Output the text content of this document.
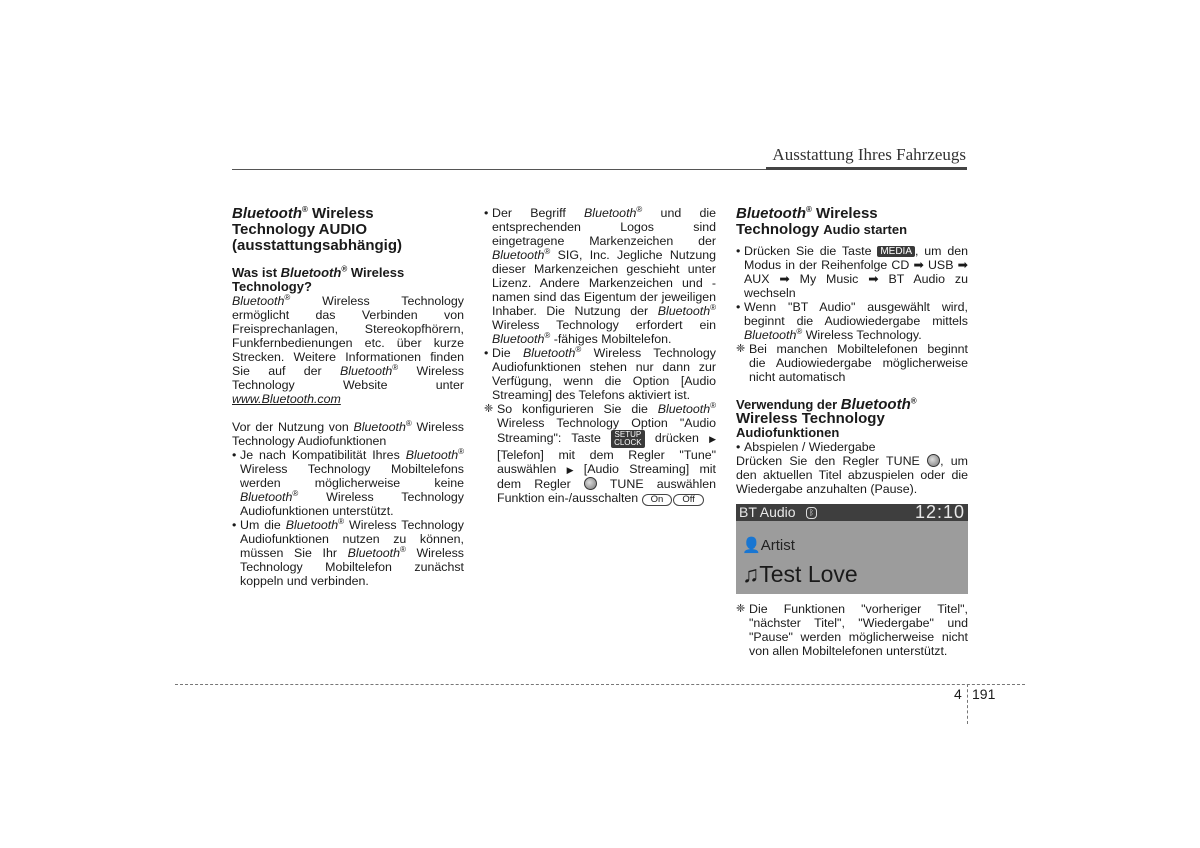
Ausstattung Ihres Fahrzeugs
Bluetooth® Wireless
Technology AUDIO
(ausstattungsabhängig)
Was ist Bluetooth® Wireless
Technology?

Bluetooth® Wireless Technology ermöglicht das Verbinden von Freisprechanlagen, Stereokopfhörern, Funkfernbedienungen etc. über kurze Strecken. Weitere Informationen finden Sie auf der Bluetooth® Wireless Technology Website unter www.Bluetooth.com

Vor der Nutzung von Bluetooth® Wireless Technology Audiofunktionen

• Je nach Kompatibilität Ihres Bluetooth® Wireless Technology Mobiltelefons werden möglicherweise keine Bluetooth® Wireless Technology Audiofunktionen unterstützt.

• Um die Bluetooth® Wireless Technology Audiofunktionen nutzen zu können, müssen Sie Ihr Bluetooth® Wireless Technology Mobiltelefon zunächst koppeln und verbinden.

• Der Begriff Bluetooth® und die entsprechenden Logos sind eingetragene Markenzeichen der Bluetooth® SIG, Inc. Jegliche Nutzung dieser Markenzeichen geschieht unter Lizenz. Andere Markenzeichen und -namen sind das Eigentum der jeweiligen Inhaber. Die Nutzung der Bluetooth® Wireless Technology erfordert ein Bluetooth® -fähiges Mobiltelefon.

• Die Bluetooth® Wireless Technology Audiofunktionen stehen nur dann zur Verfügung, wenn die Option [Audio Streaming] des Telefons aktiviert ist.

❈ So konfigurieren Sie die Bluetooth® Wireless Technology Option "Audio Streaming": Taste SETUP
CLOCK drücken ▶ [Telefon] mit dem Regler "Tune" auswählen ▶ [Audio Streaming] mit dem Regler  TUNE auswählen Funktion ein-/ausschalten On Off

Bluetooth® Wireless
Technology Audio starten

• Drücken Sie die Taste MEDIA , um den Modus in der Reihenfolge CD ➡ USB ➡ AUX ➡ My Music ➡ BT Audio zu wechseln

• Wenn "BT Audio" ausgewählt wird, beginnt die Audiowiedergabe mittels Bluetooth® Wireless Technology.

❈ Bei manchen Mobiltelefonen beginnt die Audiowiedergabe möglicherweise nicht automatisch

Verwendung der Bluetooth®
Wireless Technology
Audiofunktionen

• Abspielen / Wiedergabe

Drücken Sie den Regler TUNE , um den aktuellen Titel abzuspielen oder die Wiedergabe anzuhalten (Pause).

BT Audio	ᛒ	12:10
👤Artist
♫Test Love

❈ Die Funktionen "vorheriger Titel", "nächster Titel", "Wiedergabe" und "Pause" werden möglicherweise nicht von allen Mobiltelefonen unterstützt.

4 191
